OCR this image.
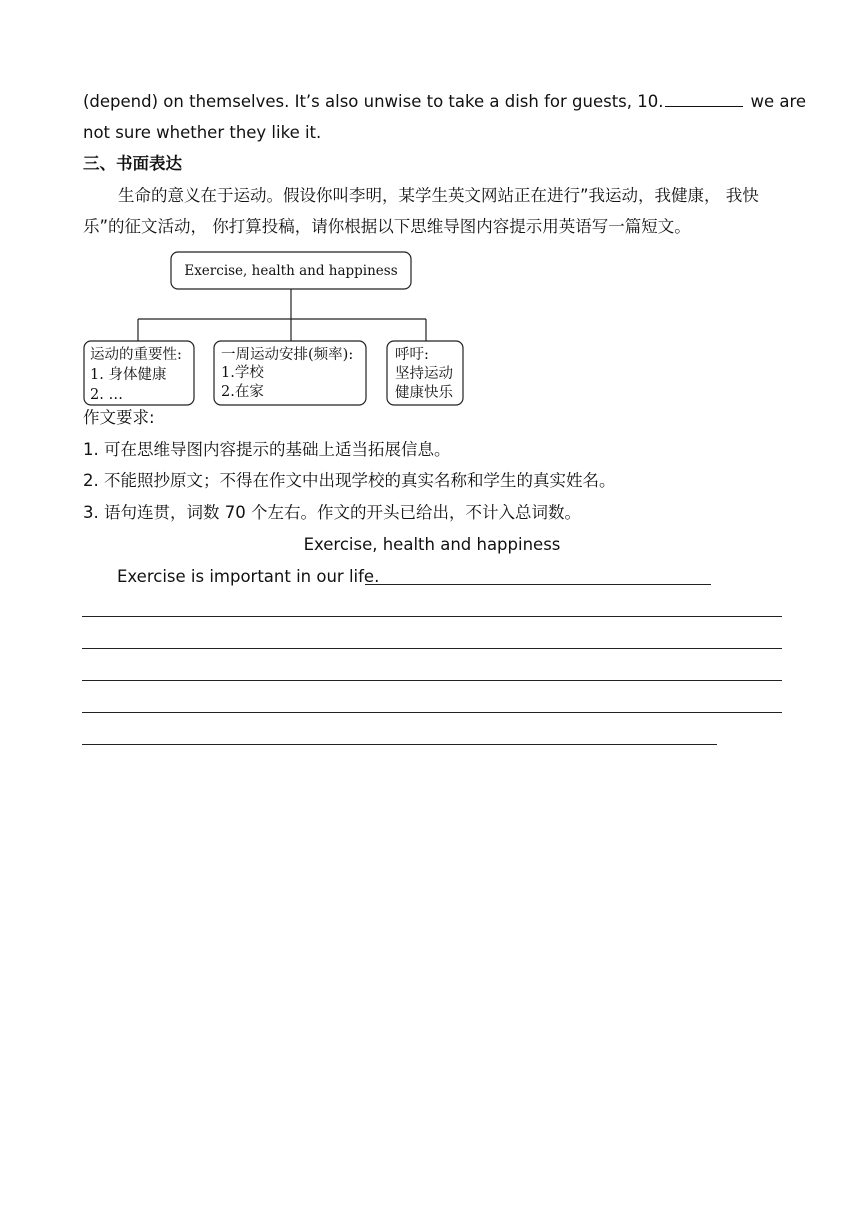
(depend) on themselves. It’s also unwise to take a dish for guests, 10.	we are
not sure whether they like it.
三、书面表达
生命的意义在于运动。假设你叫李明，某学生英文网站正在进行”我运动，我健康， 我快
乐”的征文活动， 你打算投稿，请你根据以下思维导图内容提示用英语写一篇短文。
Exercise, health and happiness
运动的重要性:
1. 身体健康
2. …
一周运动安排(频率):
1.学校
2.在家
呼吁:
坚持运动
健康快乐
作文要求:
1. 可在思维导图内容提示的基础上适当拓展信息。
2. 不能照抄原文；不得在作文中出现学校的真实名称和学生的真实姓名。
3. 语句连贯，词数 70 个左右。作文的开头已给出，不计入总词数。
Exercise, health and happiness
Exercise is important in our life.
